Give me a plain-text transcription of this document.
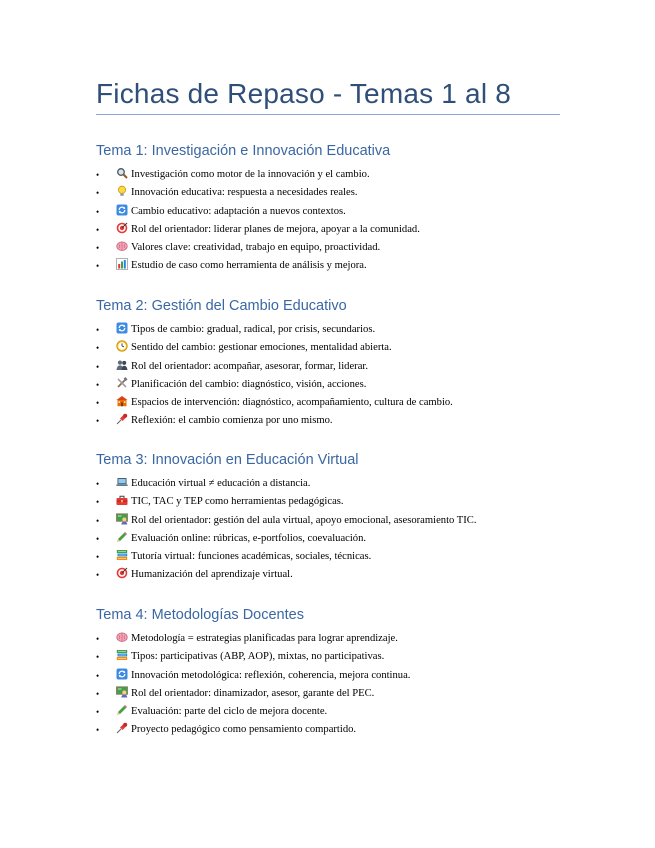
Fichas de Repaso - Temas 1 al 8
Tema 1: Investigación e Innovación Educativa
•	Investigación como motor de la innovación y el cambio.
•	Innovación educativa: respuesta a necesidades reales.
•	Cambio educativo: adaptación a nuevos contextos.
•	Rol del orientador: liderar planes de mejora, apoyar a la comunidad.
•	Valores clave: creatividad, trabajo en equipo, proactividad.
•	Estudio de caso como herramienta de análisis y mejora.
Tema 2: Gestión del Cambio Educativo
•	Tipos de cambio: gradual, radical, por crisis, secundarios.
•	Sentido del cambio: gestionar emociones, mentalidad abierta.
•	Rol del orientador: acompañar, asesorar, formar, liderar.
•	Planificación del cambio: diagnóstico, visión, acciones.
•	Espacios de intervención: diagnóstico, acompañamiento, cultura de cambio.
•	Reflexión: el cambio comienza por uno mismo.
Tema 3: Innovación en Educación Virtual
•	Educación virtual ≠ educación a distancia.
•	TIC, TAC y TEP como herramientas pedagógicas.
•	Rol del orientador: gestión del aula virtual, apoyo emocional, asesoramiento TIC.
•	Evaluación online: rúbricas, e-portfolios, coevaluación.
•	Tutoría virtual: funciones académicas, sociales, técnicas.
•	Humanización del aprendizaje virtual.
Tema 4: Metodologías Docentes
•	Metodología = estrategias planificadas para lograr aprendizaje.
•	Tipos: participativas (ABP, AOP), mixtas, no participativas.
•	Innovación metodológica: reflexión, coherencia, mejora continua.
•	Rol del orientador: dinamizador, asesor, garante del PEC.
•	Evaluación: parte del ciclo de mejora docente.
•	Proyecto pedagógico como pensamiento compartido.
